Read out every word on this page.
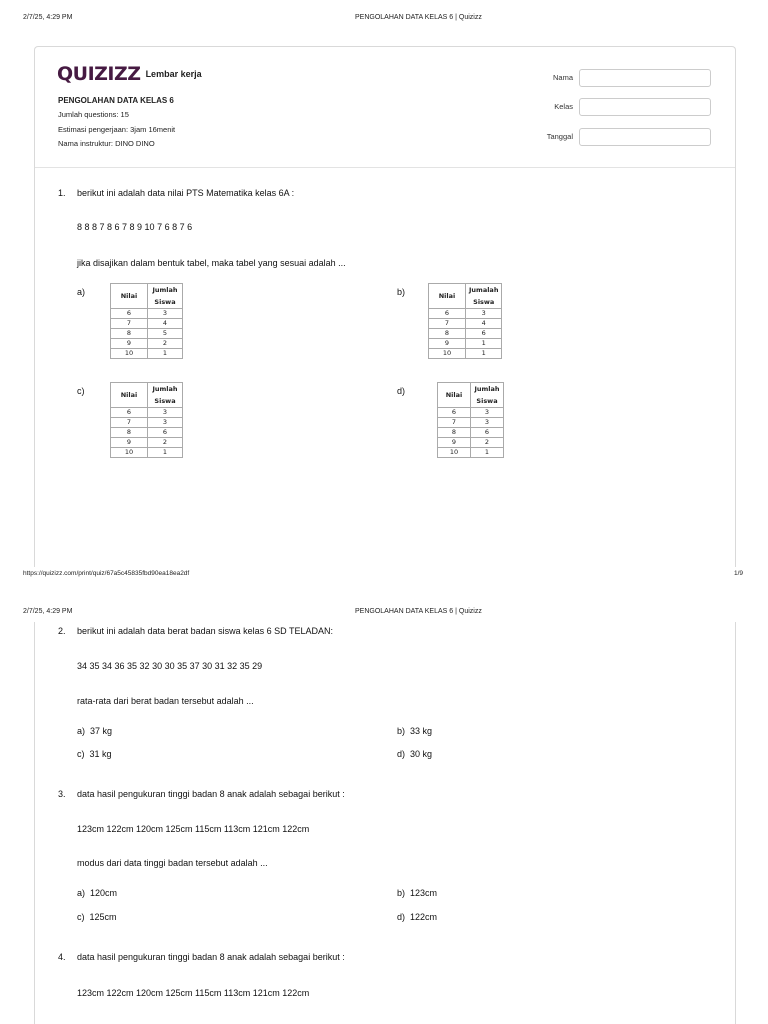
2/7/25, 4:29 PM	PENGOLAHAN DATA KELAS 6 | Quizizz
QUIZIZZ Lembar kerja
PENGOLAHAN DATA KELAS 6
Jumlah questions: 15
Estimasi pengerjaan: 3jam 16menit
Nama instruktur: DINO DINO
Nama
Kelas
Tanggal
1. berikut ini adalah data nilai PTS Matematika kelas 6A :
8 8 8 7 8 6 7 8 9 10 7 6 8 7 6
jika disajikan dalam bentuk tabel, maka tabel yang sesuai adalah ...
a)	Nilai	Jumlah
	Siswa
6	3
7	4
8	5
9	2
10	1
b)	Nilai	Jumalah
	Siswa
6	3
7	4
8	6
9	1
10	1
c)	Nilai	Jumlah
	Siswa
6	3
7	3
8	6
9	2
10	1
d)	Nilai	Jumlah
	Siswa
6	3
7	3
8	6
9	2
10	1
https://quizizz.com/print/quiz/67a5c45835fbd90ea18ea2df	1/9
2/7/25, 4:29 PM	PENGOLAHAN DATA KELAS 6 | Quizizz
2. berikut ini adalah data berat badan siswa kelas 6 SD TELADAN:
34 35 34 36 35 32 30 30 35 37 30 31 32 35 29
rata-rata dari berat badan tersebut adalah ...
a) 37 kg	b) 33 kg
c) 31 kg	d) 30 kg
3. data hasil pengukuran tinggi badan 8 anak adalah sebagai berikut :
123cm 122cm 120cm 125cm 115cm 113cm 121cm 122cm
modus dari data tinggi badan tersebut adalah ...
a) 120cm	b) 123cm
c) 125cm	d) 122cm
4. data hasil pengukuran tinggi badan 8 anak adalah sebagai berikut :
123cm 122cm 120cm 125cm 115cm 113cm 121cm 122cm
